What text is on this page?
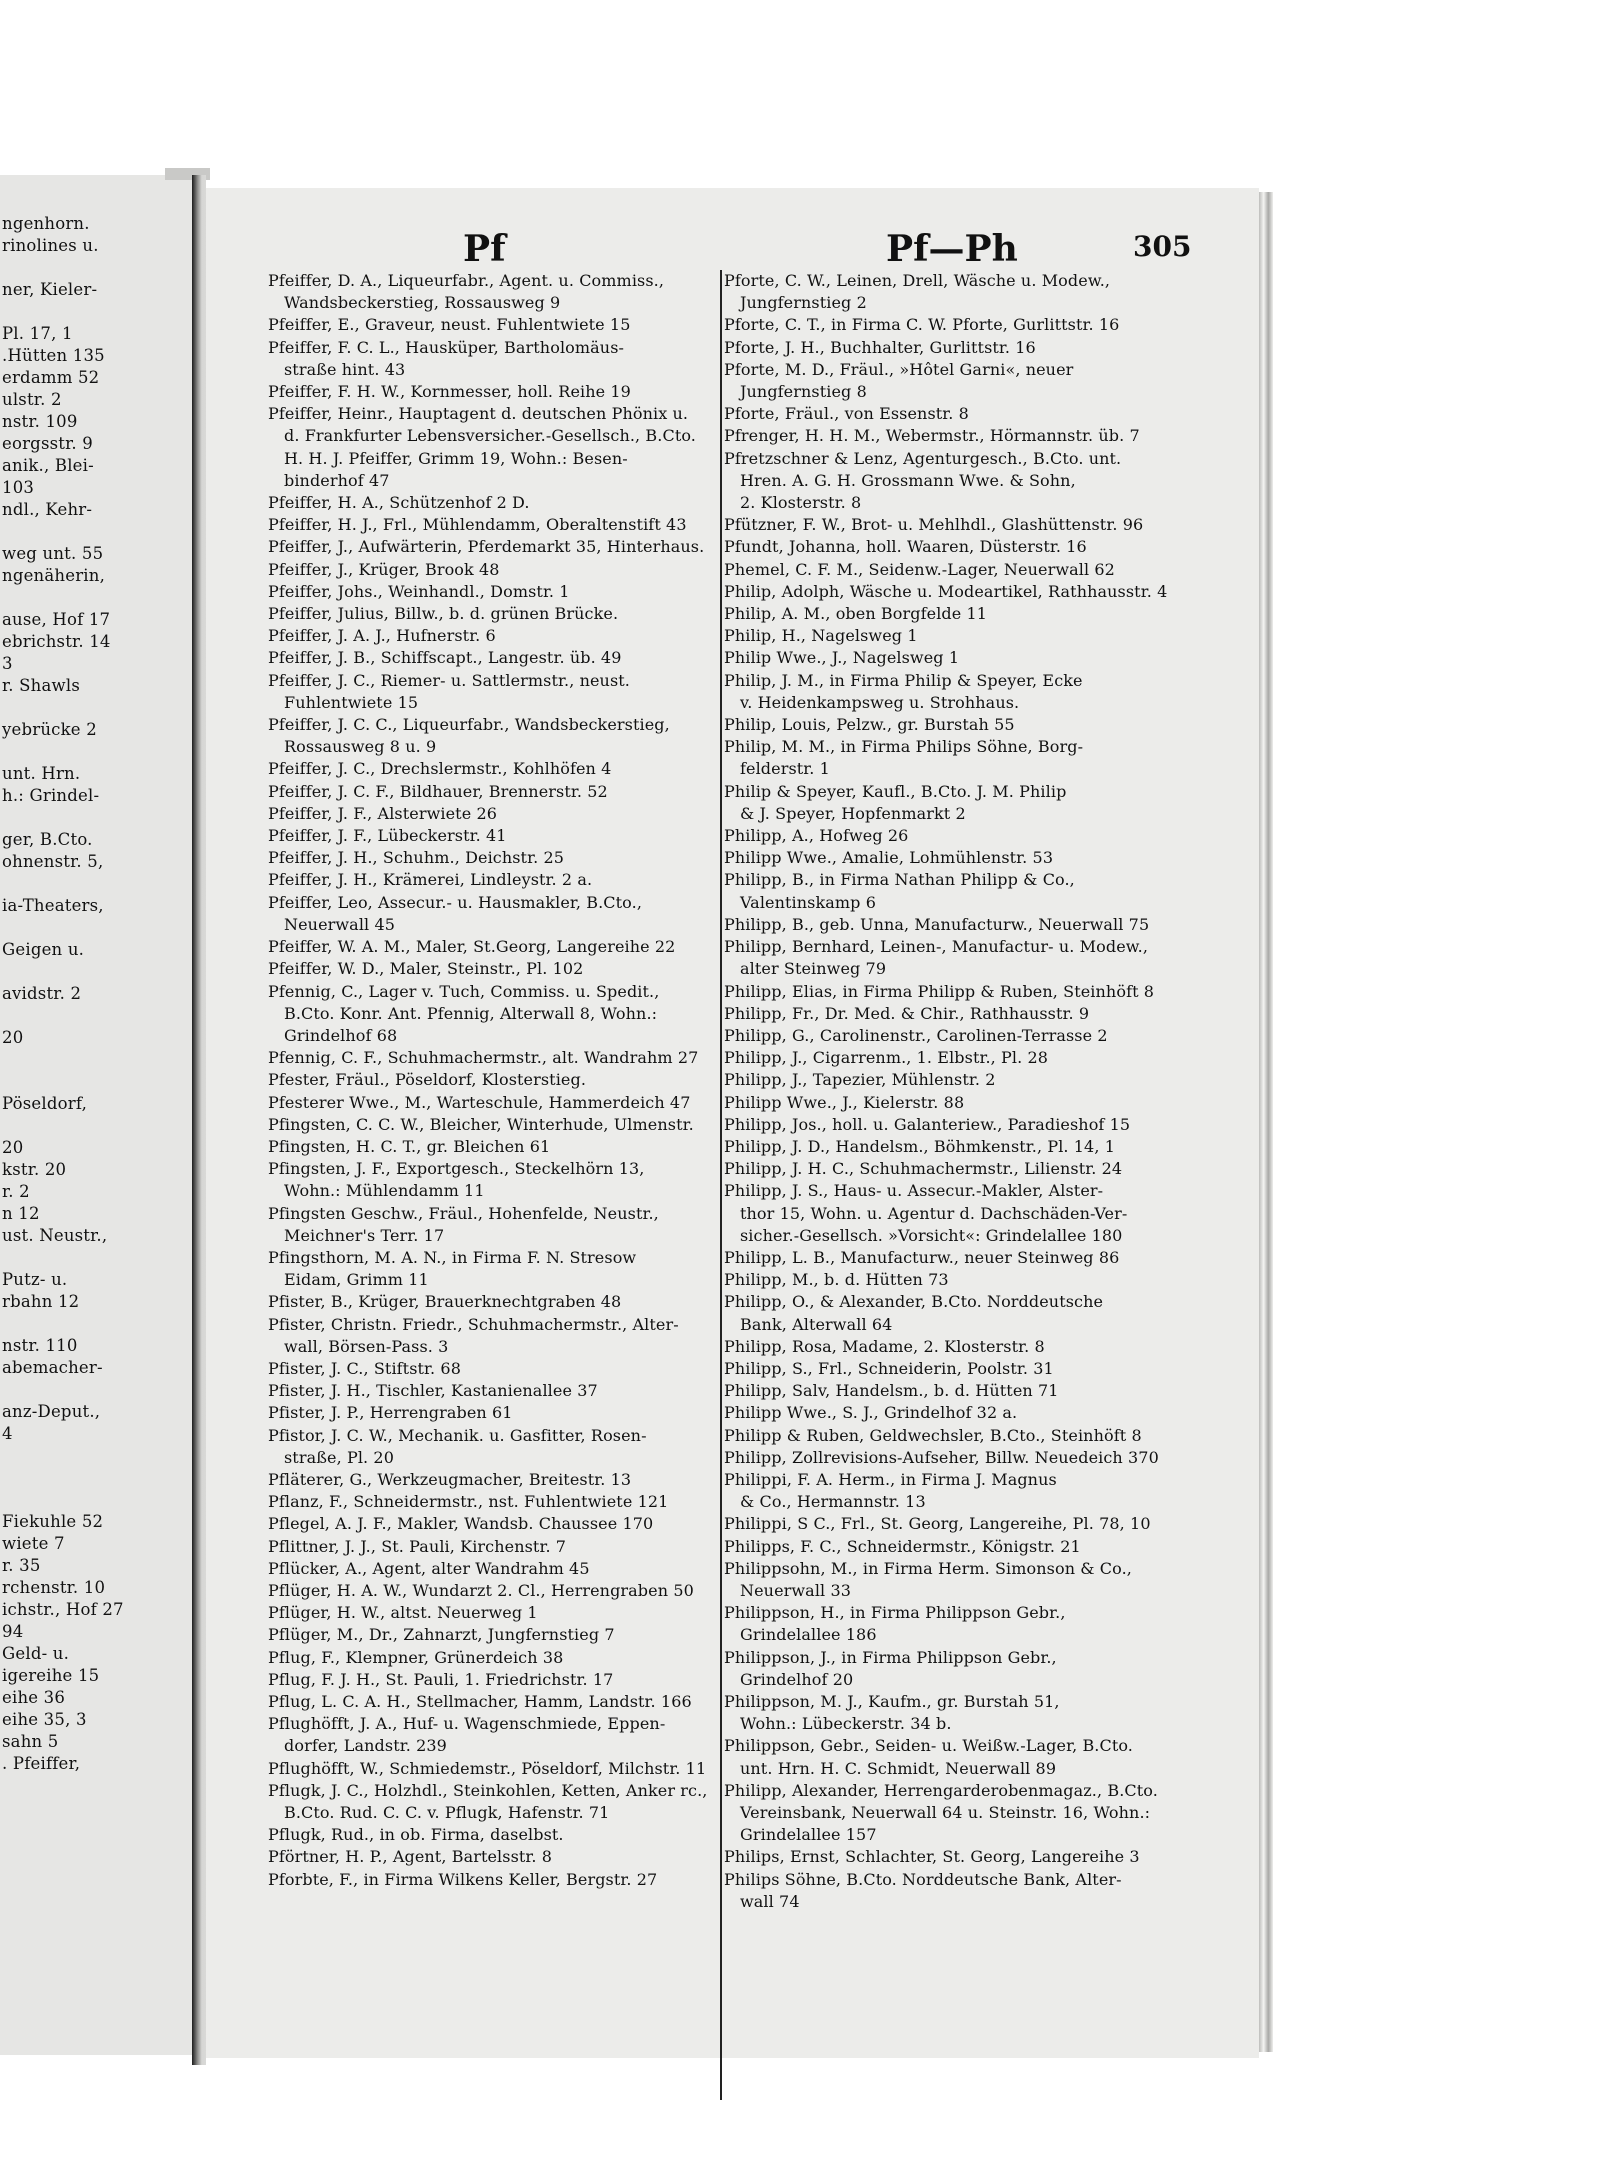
ngenhorn.
rinolines u.
ner, Kieler-
Pl. 17, 1
.Hütten 135
erdamm 52
ulstr. 2
nstr. 109
eorgsstr. 9
anik., Blei-
103
ndl., Kehr-
weg unt. 55
ngenäherin,
ause, Hof 17
ebrichstr. 14
3
r. Shawls
yebrücke 2
unt. Hrn.
h.: Grindel-
ger, B.Cto.
ohnenstr. 5,
ia-Theaters,
Geigen u.
avidstr. 2
20
Pöseldorf,
20
kstr. 20
r. 2
n 12
ust. Neustr.,
Putz- u.
rbahn 12
nstr. 110
abemacher-
anz-Deput.,
4
Fiekuhle 52
wiete 7
r. 35
rchenstr. 10
ichstr., Hof 27
94
Geld- u.
igereihe 15
eihe 36
eihe 35, 3
sahn 5
. Pfeiffer,
Pf	Pf—Ph	305
Pfeiffer, D. A., Liqueurfabr., Agent. u. Commiss.,
Wandsbeckerstieg, Rossausweg 9
Pfeiffer, E., Graveur, neust. Fuhlentwiete 15
Pfeiffer, F. C. L., Hausküper, Bartholomäus-
straße hint. 43
Pfeiffer, F. H. W., Kornmesser, holl. Reihe 19
Pfeiffer, Heinr., Hauptagent d. deutschen Phönix u.
d. Frankfurter Lebensversicher.-Gesellsch., B.Cto.
H. H. J. Pfeiffer, Grimm 19, Wohn.: Besen-
binderhof 47
Pfeiffer, H. A., Schützenhof 2 D.
Pfeiffer, H. J., Frl., Mühlendamm, Oberaltenstift 43
Pfeiffer, J., Aufwärterin, Pferdemarkt 35, Hinterhaus.
Pfeiffer, J., Krüger, Brook 48
Pfeiffer, Johs., Weinhandl., Domstr. 1
Pfeiffer, Julius, Billw., b. d. grünen Brücke.
Pfeiffer, J. A. J., Hufnerstr. 6
Pfeiffer, J. B., Schiffscapt., Langestr. üb. 49
Pfeiffer, J. C., Riemer- u. Sattlermstr., neust.
Fuhlentwiete 15
Pfeiffer, J. C. C., Liqueurfabr., Wandsbeckerstieg,
Rossausweg 8 u. 9
Pfeiffer, J. C., Drechslermstr., Kohlhöfen 4
Pfeiffer, J. C. F., Bildhauer, Brennerstr. 52
Pfeiffer, J. F., Alsterwiete 26
Pfeiffer, J. F., Lübeckerstr. 41
Pfeiffer, J. H., Schuhm., Deichstr. 25
Pfeiffer, J. H., Krämerei, Lindleystr. 2 a.
Pfeiffer, Leo, Assecur.- u. Hausmakler, B.Cto.,
Neuerwall 45
Pfeiffer, W. A. M., Maler, St.Georg, Langereihe 22
Pfeiffer, W. D., Maler, Steinstr., Pl. 102
Pfennig, C., Lager v. Tuch, Commiss. u. Spedit.,
B.Cto. Konr. Ant. Pfennig, Alterwall 8, Wohn.:
Grindelhof 68
Pfennig, C. F., Schuhmachermstr., alt. Wandrahm 27
Pfester, Fräul., Pöseldorf, Klosterstieg.
Pfesterer Wwe., M., Warteschule, Hammerdeich 47
Pfingsten, C. C. W., Bleicher, Winterhude, Ulmenstr.
Pfingsten, H. C. T., gr. Bleichen 61
Pfingsten, J. F., Exportgesch., Steckelhörn 13,
Wohn.: Mühlendamm 11
Pfingsten Geschw., Fräul., Hohenfelde, Neustr.,
Meichner's Terr. 17
Pfingsthorn, M. A. N., in Firma F. N. Stresow
Eidam, Grimm 11
Pfister, B., Krüger, Brauerknechtgraben 48
Pfister, Christn. Friedr., Schuhmachermstr., Alter-
wall, Börsen-Pass. 3
Pfister, J. C., Stiftstr. 68
Pfister, J. H., Tischler, Kastanienallee 37
Pfister, J. P., Herrengraben 61
Pfistor, J. C. W., Mechanik. u. Gasfitter, Rosen-
straße, Pl. 20
Pfläterer, G., Werkzeugmacher, Breitestr. 13
Pflanz, F., Schneidermstr., nst. Fuhlentwiete 121
Pflegel, A. J. F., Makler, Wandsb. Chaussee 170
Pflittner, J. J., St. Pauli, Kirchenstr. 7
Pflücker, A., Agent, alter Wandrahm 45
Pflüger, H. A. W., Wundarzt 2. Cl., Herrengraben 50
Pflüger, H. W., altst. Neuerweg 1
Pflüger, M., Dr., Zahnarzt, Jungfernstieg 7
Pflug, F., Klempner, Grünerdeich 38
Pflug, F. J. H., St. Pauli, 1. Friedrichstr. 17
Pflug, L. C. A. H., Stellmacher, Hamm, Landstr. 166
Pflughöfft, J. A., Huf- u. Wagenschmiede, Eppen-
dorfer, Landstr. 239
Pflughöfft, W., Schmiedemstr., Pöseldorf, Milchstr. 11
Pflugk, J. C., Holzhdl., Steinkohlen, Ketten, Anker rc.,
B.Cto. Rud. C. C. v. Pflugk, Hafenstr. 71
Pflugk, Rud., in ob. Firma, daselbst.
Pförtner, H. P., Agent, Bartelsstr. 8
Pforbte, F., in Firma Wilkens Keller, Bergstr. 27
Pforte, C. W., Leinen, Drell, Wäsche u. Modew.,
Jungfernstieg 2
Pforte, C. T., in Firma C. W. Pforte, Gurlittstr. 16
Pforte, J. H., Buchhalter, Gurlittstr. 16
Pforte, M. D., Fräul., »Hôtel Garni«, neuer
Jungfernstieg 8
Pforte, Fräul., von Essenstr. 8
Pfrenger, H. H. M., Webermstr., Hörmannstr. üb. 7
Pfretzschner & Lenz, Agenturgesch., B.Cto. unt.
Hren. A. G. H. Grossmann Wwe. & Sohn,
2. Klosterstr. 8
Pfützner, F. W., Brot- u. Mehlhdl., Glashüttenstr. 96
Pfundt, Johanna, holl. Waaren, Düsterstr. 16
Phemel, C. F. M., Seidenw.-Lager, Neuerwall 62
Philip, Adolph, Wäsche u. Modeartikel, Rathhausstr. 4
Philip, A. M., oben Borgfelde 11
Philip, H., Nagelsweg 1
Philip Wwe., J., Nagelsweg 1
Philip, J. M., in Firma Philip & Speyer, Ecke
v. Heidenkampsweg u. Strohhaus.
Philip, Louis, Pelzw., gr. Burstah 55
Philip, M. M., in Firma Philips Söhne, Borg-
felderstr. 1
Philip & Speyer, Kaufl., B.Cto. J. M. Philip
& J. Speyer, Hopfenmarkt 2
Philipp, A., Hofweg 26
Philipp Wwe., Amalie, Lohmühlenstr. 53
Philipp, B., in Firma Nathan Philipp & Co.,
Valentinskamp 6
Philipp, B., geb. Unna, Manufacturw., Neuerwall 75
Philipp, Bernhard, Leinen-, Manufactur- u. Modew.,
alter Steinweg 79
Philipp, Elias, in Firma Philipp & Ruben, Steinhöft 8
Philipp, Fr., Dr. Med. & Chir., Rathhausstr. 9
Philipp, G., Carolinenstr., Carolinen-Terrasse 2
Philipp, J., Cigarrenm., 1. Elbstr., Pl. 28
Philipp, J., Tapezier, Mühlenstr. 2
Philipp Wwe., J., Kielerstr. 88
Philipp, Jos., holl. u. Galanteriew., Paradieshof 15
Philipp, J. D., Handelsm., Böhmkenstr., Pl. 14, 1
Philipp, J. H. C., Schuhmachermstr., Lilienstr. 24
Philipp, J. S., Haus- u. Assecur.-Makler, Alster-
thor 15, Wohn. u. Agentur d. Dachschäden-Ver-
sicher.-Gesellsch. »Vorsicht«: Grindelallee 180
Philipp, L. B., Manufacturw., neuer Steinweg 86
Philipp, M., b. d. Hütten 73
Philipp, O., & Alexander, B.Cto. Norddeutsche
Bank, Alterwall 64
Philipp, Rosa, Madame, 2. Klosterstr. 8
Philipp, S., Frl., Schneiderin, Poolstr. 31
Philipp, Salv, Handelsm., b. d. Hütten 71
Philipp Wwe., S. J., Grindelhof 32 a.
Philipp & Ruben, Geldwechsler, B.Cto., Steinhöft 8
Philipp, Zollrevisions-Aufseher, Billw. Neuedeich 370
Philippi, F. A. Herm., in Firma J. Magnus
& Co., Hermannstr. 13
Philippi, S C., Frl., St. Georg, Langereihe, Pl. 78, 10
Philipps, F. C., Schneidermstr., Königstr. 21
Philippsohn, M., in Firma Herm. Simonson & Co.,
Neuerwall 33
Philippson, H., in Firma Philippson Gebr.,
Grindelallee 186
Philippson, J., in Firma Philippson Gebr.,
Grindelhof 20
Philippson, M. J., Kaufm., gr. Burstah 51,
Wohn.: Lübeckerstr. 34 b.
Philippson, Gebr., Seiden- u. Weißw.-Lager, B.Cto.
unt. Hrn. H. C. Schmidt, Neuerwall 89
Philipp, Alexander, Herrengarderobenmagaz., B.Cto.
Vereinsbank, Neuerwall 64 u. Steinstr. 16, Wohn.:
Grindelallee 157
Philips, Ernst, Schlachter, St. Georg, Langereihe 3
Philips Söhne, B.Cto. Norddeutsche Bank, Alter-
wall 74
